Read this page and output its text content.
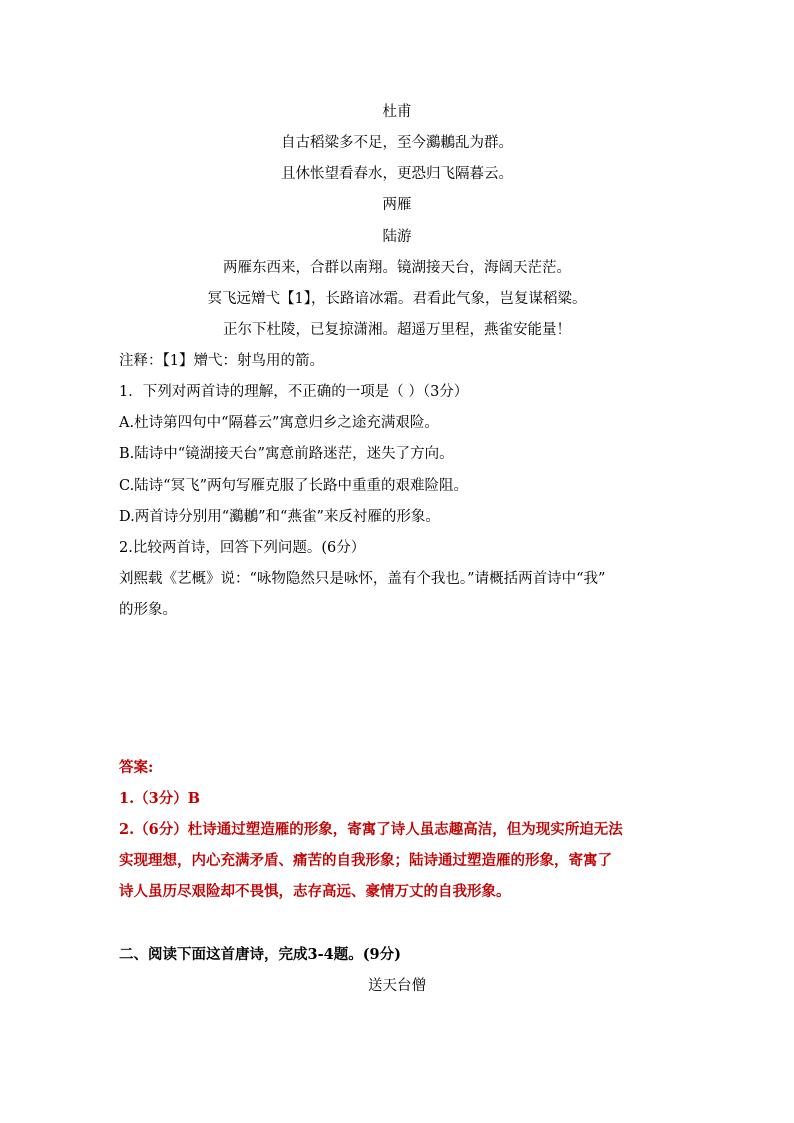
杜甫
自古稻粱多不足，至今鸂鶒乱为群。
且休怅望看春水，更恐归飞隔暮云。
两雁
陆游
两雁东西来，合群以南翔。镜湖接天台，海阔天茫茫。
冥飞远矰弋【1】，长路谙冰霜。君看此气象，岂复谋稻粱。
正尔下杜陵，已复掠潇湘。超遥万里程，燕雀安能量！
注释：【1】矰弋：射鸟用的箭。
1．下列对两首诗的理解，不正确的一项是（ ）（3分）
A.杜诗第四句中“隔暮云”寓意归乡之途充满艰险。
B.陆诗中“镜湖接天台”寓意前路迷茫，迷失了方向。
C.陆诗“冥飞”两句写雁克服了长路中重重的艰难险阻。
D.两首诗分别用“鸂鶒”和“燕雀”来反衬雁的形象。
2.比较两首诗，回答下列问题。(6分）
刘熙载《艺概》说：“咏物隐然只是咏怀，盖有个我也。”请概括两首诗中“我”
的形象。
答案:
1.（3分）B
2.（6分）杜诗通过塑造雁的形象，寄寓了诗人虽志趣高洁，但为现实所迫无法
实现理想，内心充满矛盾、痛苦的自我形象；陆诗通过塑造雁的形象，寄寓了
诗人虽历尽艰险却不畏惧，志存高远、豪情万丈的自我形象。
二、阅读下面这首唐诗，完成3-4题。(9分)
送天台僧
